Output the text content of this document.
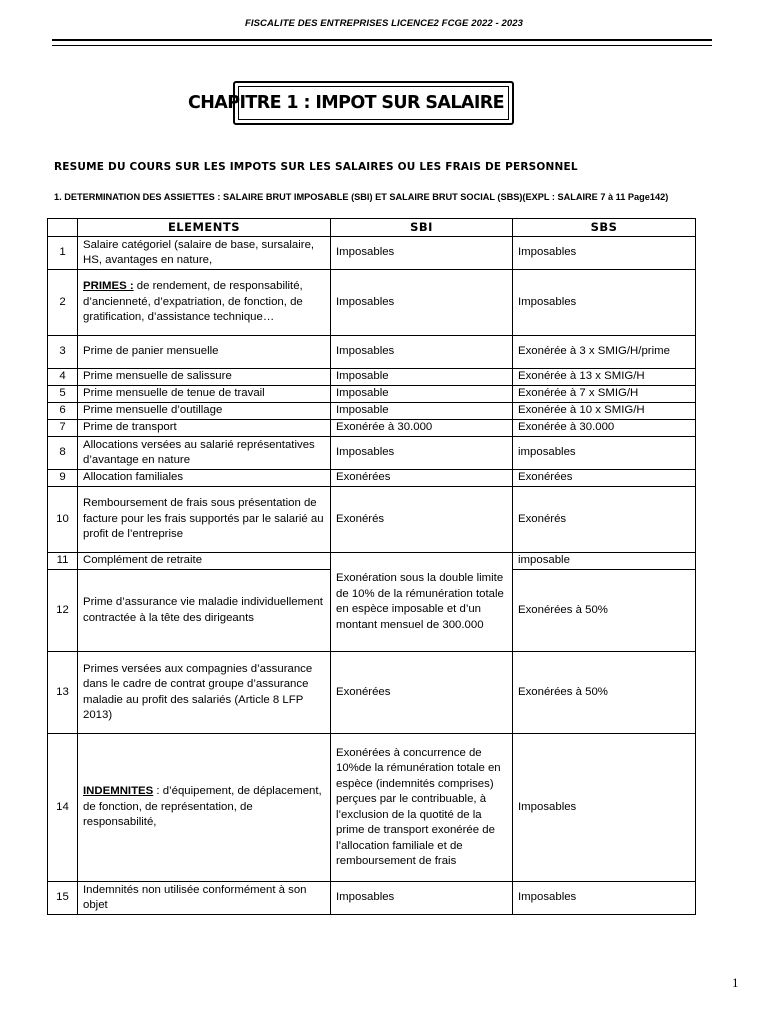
FISCALITE DES ENTREPRISES LICENCE2 FCGE 2022 - 2023
CHAPITRE 1 : IMPOT SUR SALAIRE
RESUME DU COURS SUR LES IMPOTS SUR LES SALAIRES OU LES FRAIS DE PERSONNEL
1. DETERMINATION DES ASSIETTES : SALAIRE BRUT IMPOSABLE (SBI) ET SALAIRE BRUT SOCIAL (SBS)(EXPL : SALAIRE 7 à 11 Page142)
	ELEMENTS	SBI	SBS
1	Salaire catégoriel (salaire de base, sursalaire, HS, avantages en nature,	Imposables	Imposables
2	PRIMES : de rendement, de responsabilité, d’ancienneté, d’expatriation, de fonction, de gratification, d’assistance technique…	Imposables	Imposables
3	Prime de panier mensuelle	Imposables	Exonérée à 3 x SMIG/H/prime
4	Prime mensuelle de salissure	Imposable	Exonérée à 13 x SMIG/H
5	Prime mensuelle de tenue de travail	Imposable	Exonérée à 7 x SMIG/H
6	Prime mensuelle d’outillage	Imposable	Exonérée à 10 x SMIG/H
7	Prime de transport	Exonérée à 30.000	Exonérée à 30.000
8	Allocations versées au salarié représentatives d’avantage en nature	Imposables	imposables
9	Allocation familiales	Exonérées	Exonérées
10	Remboursement de frais sous présentation de facture pour les frais supportés par le salarié au profit de l’entreprise	Exonérés	Exonérés
11	Complément de retraite	Exonération sous la double limite de 10% de la rémunération totale en espèce imposable et d’un montant mensuel de 300.000	imposable
12	Prime d’assurance vie maladie individuellement contractée à la tête des dirigeants		Exonérées à 50%
13	Primes versées aux compagnies d’assurance dans le cadre de contrat groupe d’assurance maladie au profit des salariés (Article 8 LFP 2013)	Exonérées	Exonérées à 50%
14	INDEMNITES : d’équipement, de déplacement, de fonction, de représentation, de responsabilité,	Exonérées à concurrence de 10%de la rémunération totale en espèce (indemnités comprises) perçues par le contribuable, à l’exclusion de la quotité de la prime de transport exonérée de l’allocation familiale et de remboursement de frais	Imposables
15	Indemnités non utilisée conformément à son objet	Imposables	Imposables
1
